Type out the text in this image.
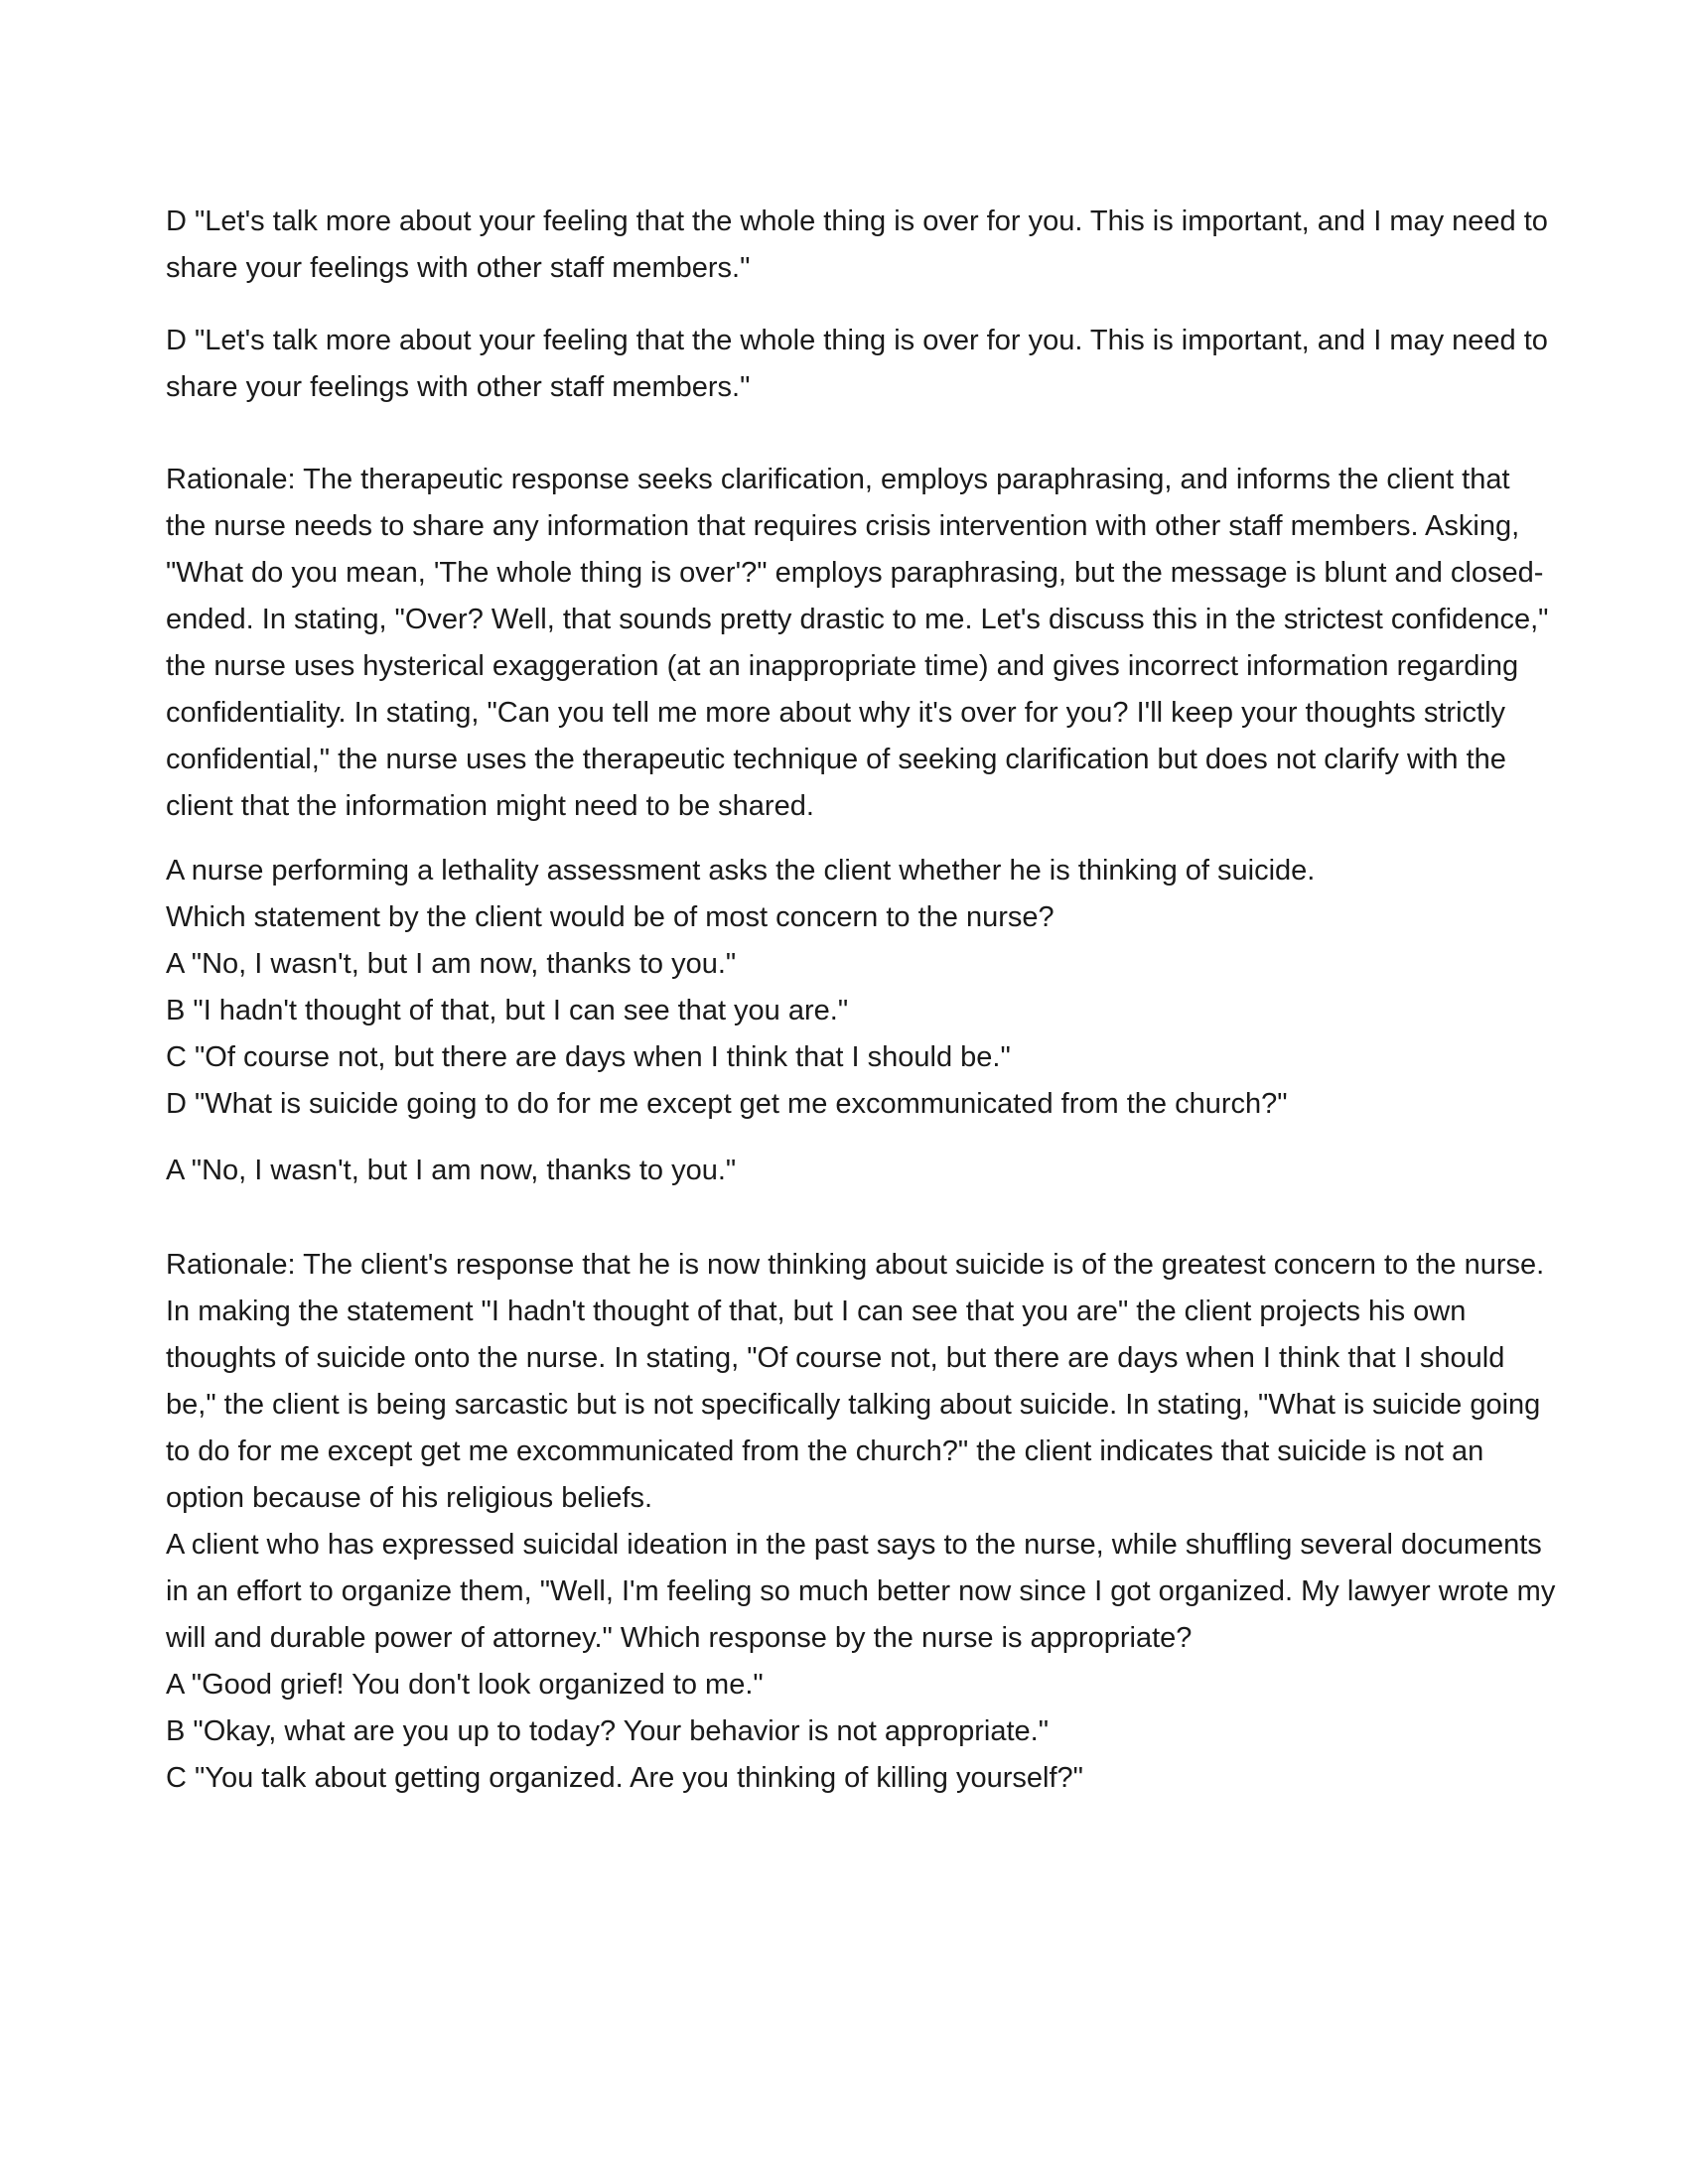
D "Let's talk more about your feeling that the whole thing is over for you. This is important, and I may need to share your feelings with other staff members."

D "Let's talk more about your feeling that the whole thing is over for you. This is important, and I may need to share your feelings with other staff members."

Rationale: The therapeutic response seeks clarification, employs paraphrasing, and informs the client that the nurse needs to share any information that requires crisis intervention with other staff members. Asking, "What do you mean, 'The whole thing is over'?" employs paraphrasing, but the message is blunt and closed-ended. In stating, "Over? Well, that sounds pretty drastic to me. Let's discuss this in the strictest confidence," the nurse uses hysterical exaggeration (at an inappropriate time) and gives incorrect information regarding confidentiality. In stating, "Can you tell me more about why it's over for you? I'll keep your thoughts strictly confidential," the nurse uses the therapeutic technique of seeking clarification but does not clarify with the client that the information might need to be shared.

A nurse performing a lethality assessment asks the client whether he is thinking of suicide.
Which statement by the client would be of most concern to the nurse?
A "No, I wasn't, but I am now, thanks to you."
B "I hadn't thought of that, but I can see that you are."
C "Of course not, but there are days when I think that I should be."
D "What is suicide going to do for me except get me excommunicated from the church?"

A "No, I wasn't, but I am now, thanks to you."

Rationale: The client's response that he is now thinking about suicide is of the greatest concern to the nurse. In making the statement "I hadn't thought of that, but I can see that you are" the client projects his own thoughts of suicide onto the nurse. In stating, "Of course not, but there are days when I think that I should be," the client is being sarcastic but is not specifically talking about suicide. In stating, "What is suicide going to do for me except get me excommunicated from the church?" the client indicates that suicide is not an option because of his religious beliefs.
A client who has expressed suicidal ideation in the past says to the nurse, while shuffling several documents in an effort to organize them, "Well, I'm feeling so much better now since I got organized. My lawyer wrote my will and durable power of attorney." Which response by the nurse is appropriate?
A "Good grief! You don't look organized to me."
B "Okay, what are you up to today? Your behavior is not appropriate."
C "You talk about getting organized. Are you thinking of killing yourself?"
